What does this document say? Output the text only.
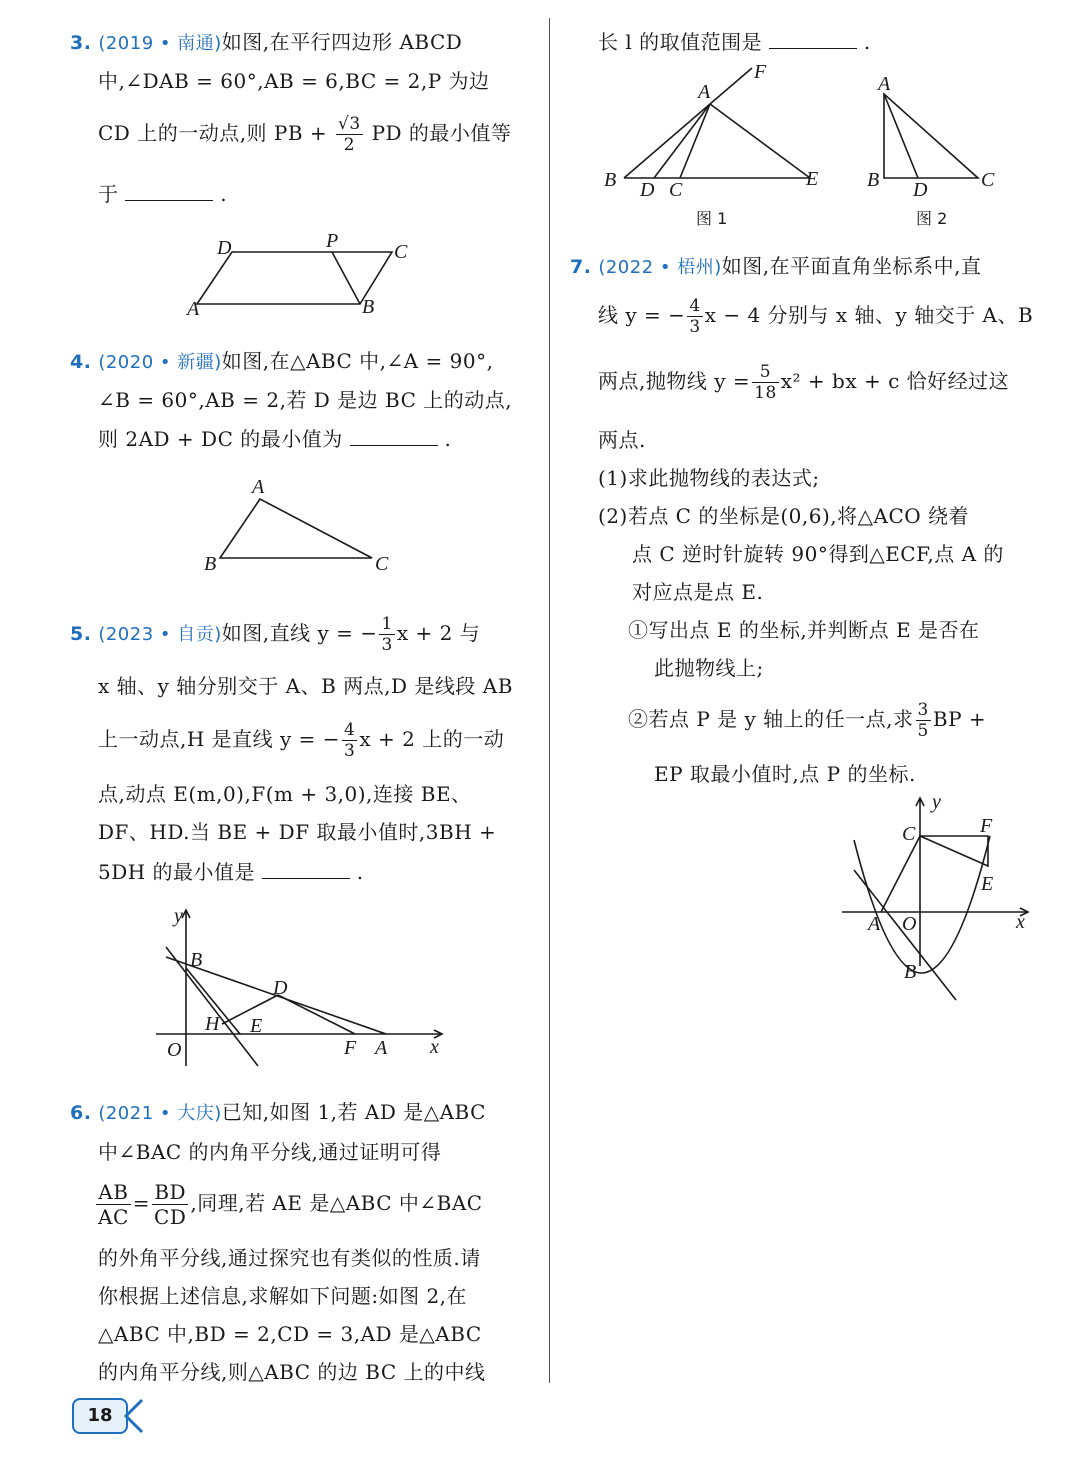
3. (2019 • 南通)如图,在平行四边形 ABCD
中,∠DAB = 60°,AB = 6,BC = 2,P 为边
CD 上的一动点,则 PB + $\frac{√3}{2}$ PD 的最小值等
于	.
D	P	C
A	B
4. (2020 • 新疆)如图,在△ABC 中,∠A = 90°,
∠B = 60°,AB = 2,若 D 是边 BC 上的动点,
则 2AD + DC 的最小值为	.
A
B	C
5. (2023 • 自贡)如图,直线 y = − $\frac{1}{3}$ x + 2 与
x 轴、y 轴分别交于 A、B 两点,D 是线段 AB
上一动点,H 是直线 y = − $\frac{4}{3}$ x + 2 上的一动
点,动点 E(m,0),F(m + 3,0),连接 BE、
DF、HD.当 BE + DF 取最小值时,3BH +
5DH 的最小值是	.
y
B
D
H E
O	F A x
6. (2021 • 大庆)已知,如图 1,若 AD 是△ABC
中∠BAC 的内角平分线,通过证明可得
$\frac{AB}{AC} = \frac{BD}{CD}$ ,同理,若 AE 是△ABC 中∠BAC
的外角平分线,通过探究也有类似的性质.请
你根据上述信息,求解如下问题:如图 2,在
△ABC 中,BD = 2,CD = 3,AD 是△ABC
的内角平分线,则△ABC 的边 BC 上的中线
长 l 的取值范围是	.
F
A
B D C	E
图 1
A
B D	C
图 2
7. (2022 • 梧州)如图,在平面直角坐标系中,直
线 y = − $\frac{4}{3}$ x − 4 分别与 x 轴、y 轴交于 A、B
两点,抛物线 $y = \frac{5}{18} x^2$ + bx + c 恰好经过这
两点.
(1)求此抛物线的表达式;
(2)若点 C 的坐标是(0,6),将△ACO 绕着
点 C 逆时针旋转 90°得到△ECF,点 A 的
对应点是点 E.
①写出点 E 的坐标,并判断点 E 是否在
此抛物线上;
②若点 P 是 y 轴上的任一点,求 $\frac{3}{5}$ BP +
EP 取最小值时,点 P 的坐标.
y
C	F
E
A O	x
B
18
